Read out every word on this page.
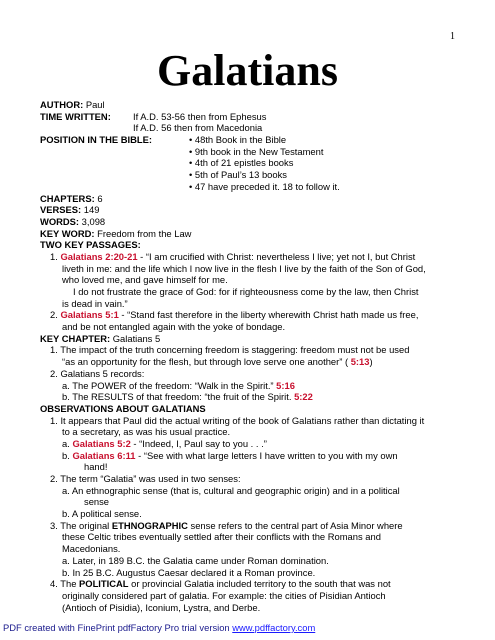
1
Galatians
AUTHOR: Paul
TIME WRITTEN: If A.D. 53-56 then from Ephesus
If A.D. 56 then from Macedonia
POSITION IN THE BIBLE:	• 48th Book in the Bible
• 9th book in the New Testament
• 4th of 21 epistles books
• 5th of Paul’s 13 books
• 47 have preceded it. 18 to follow it.
CHAPTERS: 6
VERSES: 149
WORDS: 3,098
KEY WORD: Freedom from the Law
TWO KEY PASSAGES:
1. Galatians 2:20-21 - “I am crucified with Christ: nevertheless I live; yet not I, but Christ
liveth in me: and the life which I now live in the flesh I live by the faith of the Son of God,
who loved me, and gave himself for me.
I do not frustrate the grace of God: for if righteousness come by the law, then Christ
is dead in vain.”
2. Galatians 5:1 - “Stand fast therefore in the liberty wherewith Christ hath made us free,
and be not entangled again with the yoke of bondage.
KEY CHAPTER: Galatians 5
1. The impact of the truth concerning freedom is staggering: freedom must not be used
“as an opportunity for the flesh, but through love serve one another” ( 5:13)
2. Galatians 5 records:
a. The POWER of the freedom: “Walk in the Spirit.” 5:16
b. The RESULTS of that freedom: “the fruit of the Spirit. 5:22
OBSERVATIONS ABOUT GALATIANS
1. It appears that Paul did the actual writing of the book of Galatians rather than dictating it
to a secretary, as was his usual practice.
a. Galatians 5:2 - “Indeed, I, Paul say to you . . .”
b. Galatians 6:11 - “See with what large letters I have written to you with my own
hand!
2. The term “Galatia” was used in two senses:
a. An ethnographic sense (that is, cultural and geographic origin) and in a political
sense
b. A political sense.
3. The original ETHNOGRAPHIC sense refers to the central part of Asia Minor where
these Celtic tribes eventually settled after their conflicts with the Romans and
Macedonians.
a. Later, in 189 B.C. the Galatia came under Roman domination.
b. In 25 B.C. Augustus Caesar declared it a Roman province.
4. The POLITICAL or provincial Galatia included territory to the south that was not
originally considered part of galatia. For example: the cities of Pisidian Antioch
(Antioch of Pisidia), Iconium, Lystra, and Derbe.
PDF created with FinePrint pdfFactory Pro trial version www.pdffactory.com
